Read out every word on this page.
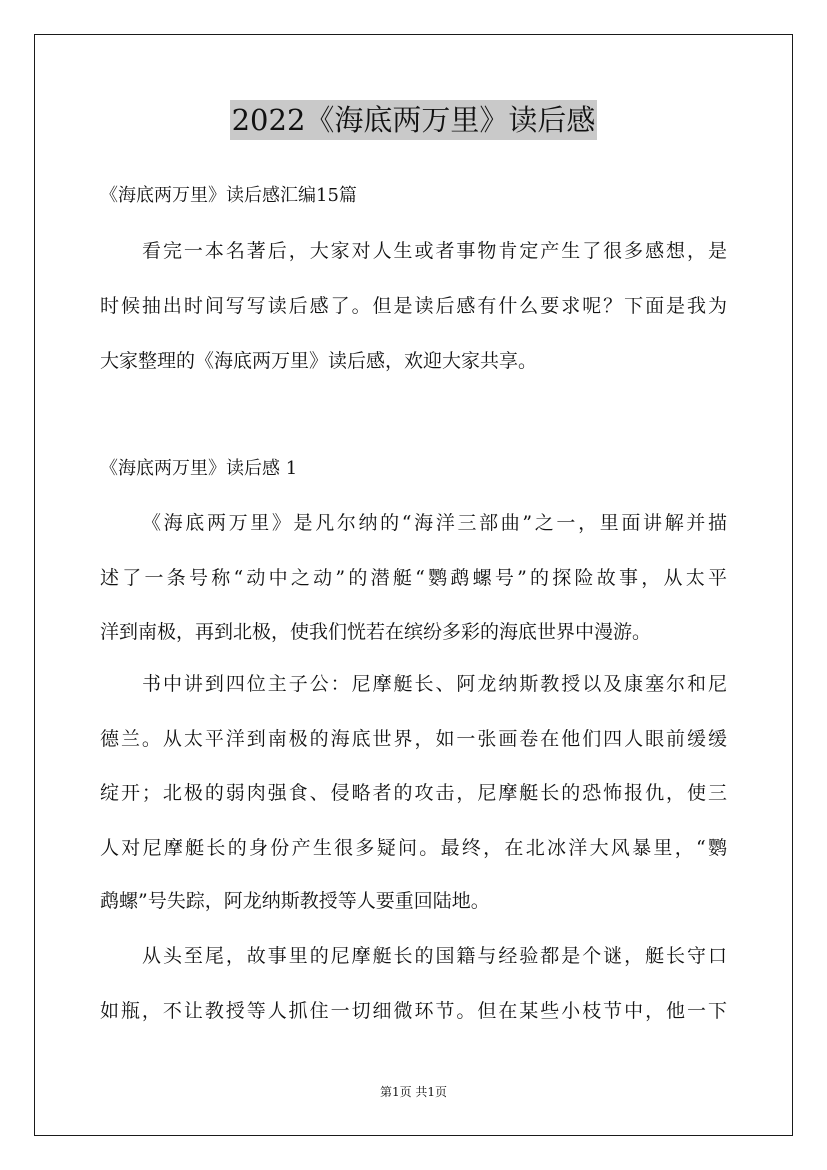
2022《海底两万里》读后感
《海底两万里》读后感汇编15篇
看完一本名著后，大家对人生或者事物肯定产生了很多感想，是
时候抽出时间写写读后感了。但是读后感有什么要求呢？下面是我为
大家整理的《海底两万里》读后感，欢迎大家共享。
《海底两万里》读后感 1
《海底两万里》是凡尔纳的“海洋三部曲”之一，里面讲解并描
述了一条号称“动中之动”的潜艇“鹦鹉螺号”的探险故事，从太平
洋到南极，再到北极，使我们恍若在缤纷多彩的海底世界中漫游。
书中讲到四位主子公：尼摩艇长、阿龙纳斯教授以及康塞尔和尼
德兰。从太平洋到南极的海底世界，如一张画卷在他们四人眼前缓缓
绽开；北极的弱肉强食、侵略者的攻击，尼摩艇长的恐怖报仇，使三
人对尼摩艇长的身份产生很多疑问。最终，在北冰洋大风暴里，“鹦
鹉螺”号失踪，阿龙纳斯教授等人要重回陆地。
从头至尾，故事里的尼摩艇长的国籍与经验都是个谜，艇长守口
如瓶，不让教授等人抓住一切细微环节。但在某些小枝节中，他一下
第1页 共1页
